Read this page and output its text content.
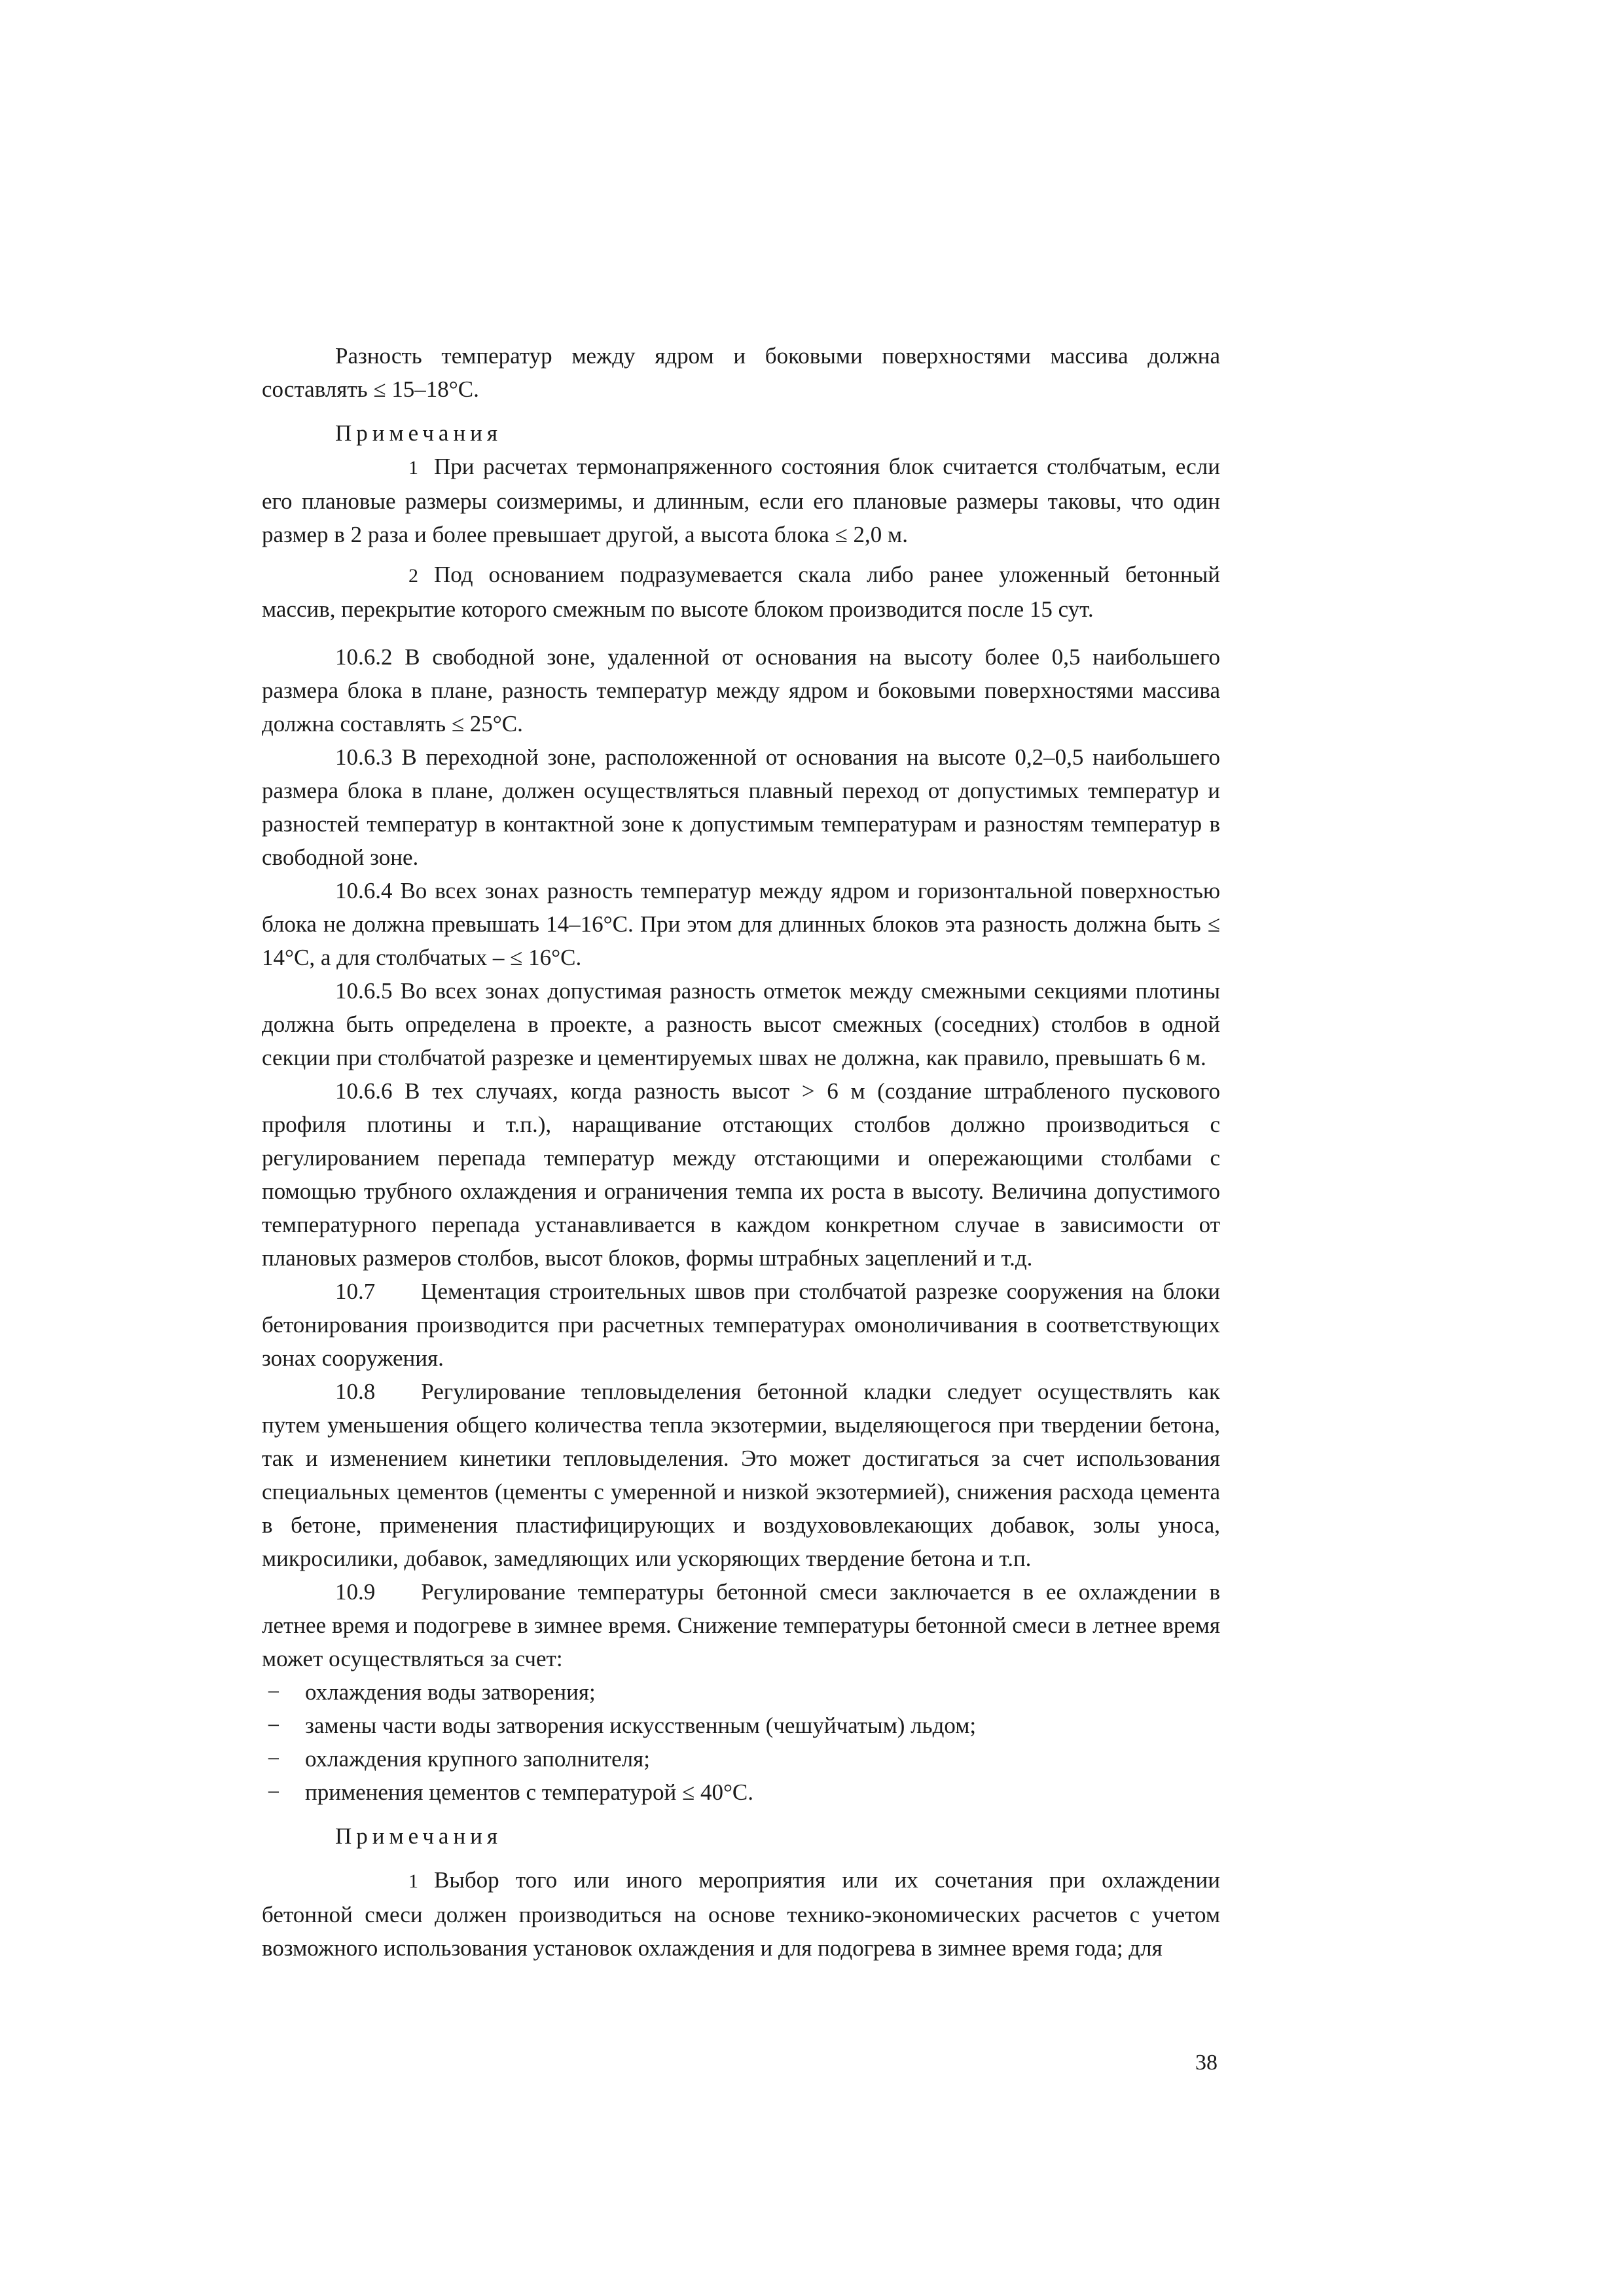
Разность температур между ядром и боковыми поверхностями массива должна составлять ≤ 15–18°С.

Примечания

1 При расчетах термонапряженного состояния блок считается столбчатым, если его плановые размеры соизмеримы, и длинным, если его плановые размеры таковы, что один размер в 2 раза и более превышает другой, а высота блока ≤ 2,0 м.

2 Под основанием подразумевается скала либо ранее уложенный бетонный массив, перекрытие которого смежным по высоте блоком производится после 15 сут.

10.6.2 В свободной зоне, удаленной от основания на высоту более 0,5 наибольшего размера блока в плане, разность температур между ядром и боковыми поверхностями массива должна составлять ≤ 25°С.

10.6.3 В переходной зоне, расположенной от основания на высоте 0,2–0,5 наибольшего размера блока в плане, должен осуществляться плавный переход от допустимых температур и разностей температур в контактной зоне к допустимым температурам и разностям температур в свободной зоне.

10.6.4 Во всех зонах разность температур между ядром и горизонтальной поверхностью блока не должна превышать 14–16°С. При этом для длинных блоков эта разность должна быть ≤ 14°С, а для столбчатых – ≤ 16°С.

10.6.5 Во всех зонах допустимая разность отметок между смежными секциями плотины должна быть определена в проекте, а разность высот смежных (соседних) столбов в одной секции при столбчатой разрезке и цементируемых швах не должна, как правило, превышать 6 м.

10.6.6 В тех случаях, когда разность высот > 6 м (создание штрабленого пускового профиля плотины и т.п.), наращивание отстающих столбов должно производиться с регулированием перепада температур между отстающими и опережающими столбами с помощью трубного охлаждения и ограничения темпа их роста в высоту. Величина допустимого температурного перепада устанавливается в каждом конкретном случае в зависимости от плановых размеров столбов, высот блоков, формы штрабных зацеплений и т.д.

10.7  Цементация строительных швов при столбчатой разрезке сооружения на блоки бетонирования производится при расчетных температурах омоноличивания в соответствующих зонах сооружения.

10.8  Регулирование тепловыделения бетонной кладки следует осуществлять как путем уменьшения общего количества тепла экзотермии, выделяющегося при твердении бетона, так и изменением кинетики тепловыделения. Это может достигаться за счет использования специальных цементов (цементы с умеренной и низкой экзотермией), снижения расхода цемента в бетоне, применения пластифицирующих и воздухововлекающих добавок, золы уноса, микросилики, добавок, замедляющих или ускоряющих твердение бетона и т.п.

10.9  Регулирование температуры бетонной смеси заключается в ее охлаждении в летнее время и подогреве в зимнее время. Снижение температуры бетонной смеси в летнее время может осуществляться за счет:

− охлаждения воды затворения;
− замены части воды затворения искусственным (чешуйчатым) льдом;
− охлаждения крупного заполнителя;
− применения цементов с температурой ≤ 40°С.

Примечания

1 Выбор того или иного мероприятия или их сочетания при охлаждении бетонной смеси должен производиться на основе технико-экономических расчетов с учетом возможного использования установок охлаждения и для подогрева в зимнее время года; для

38
